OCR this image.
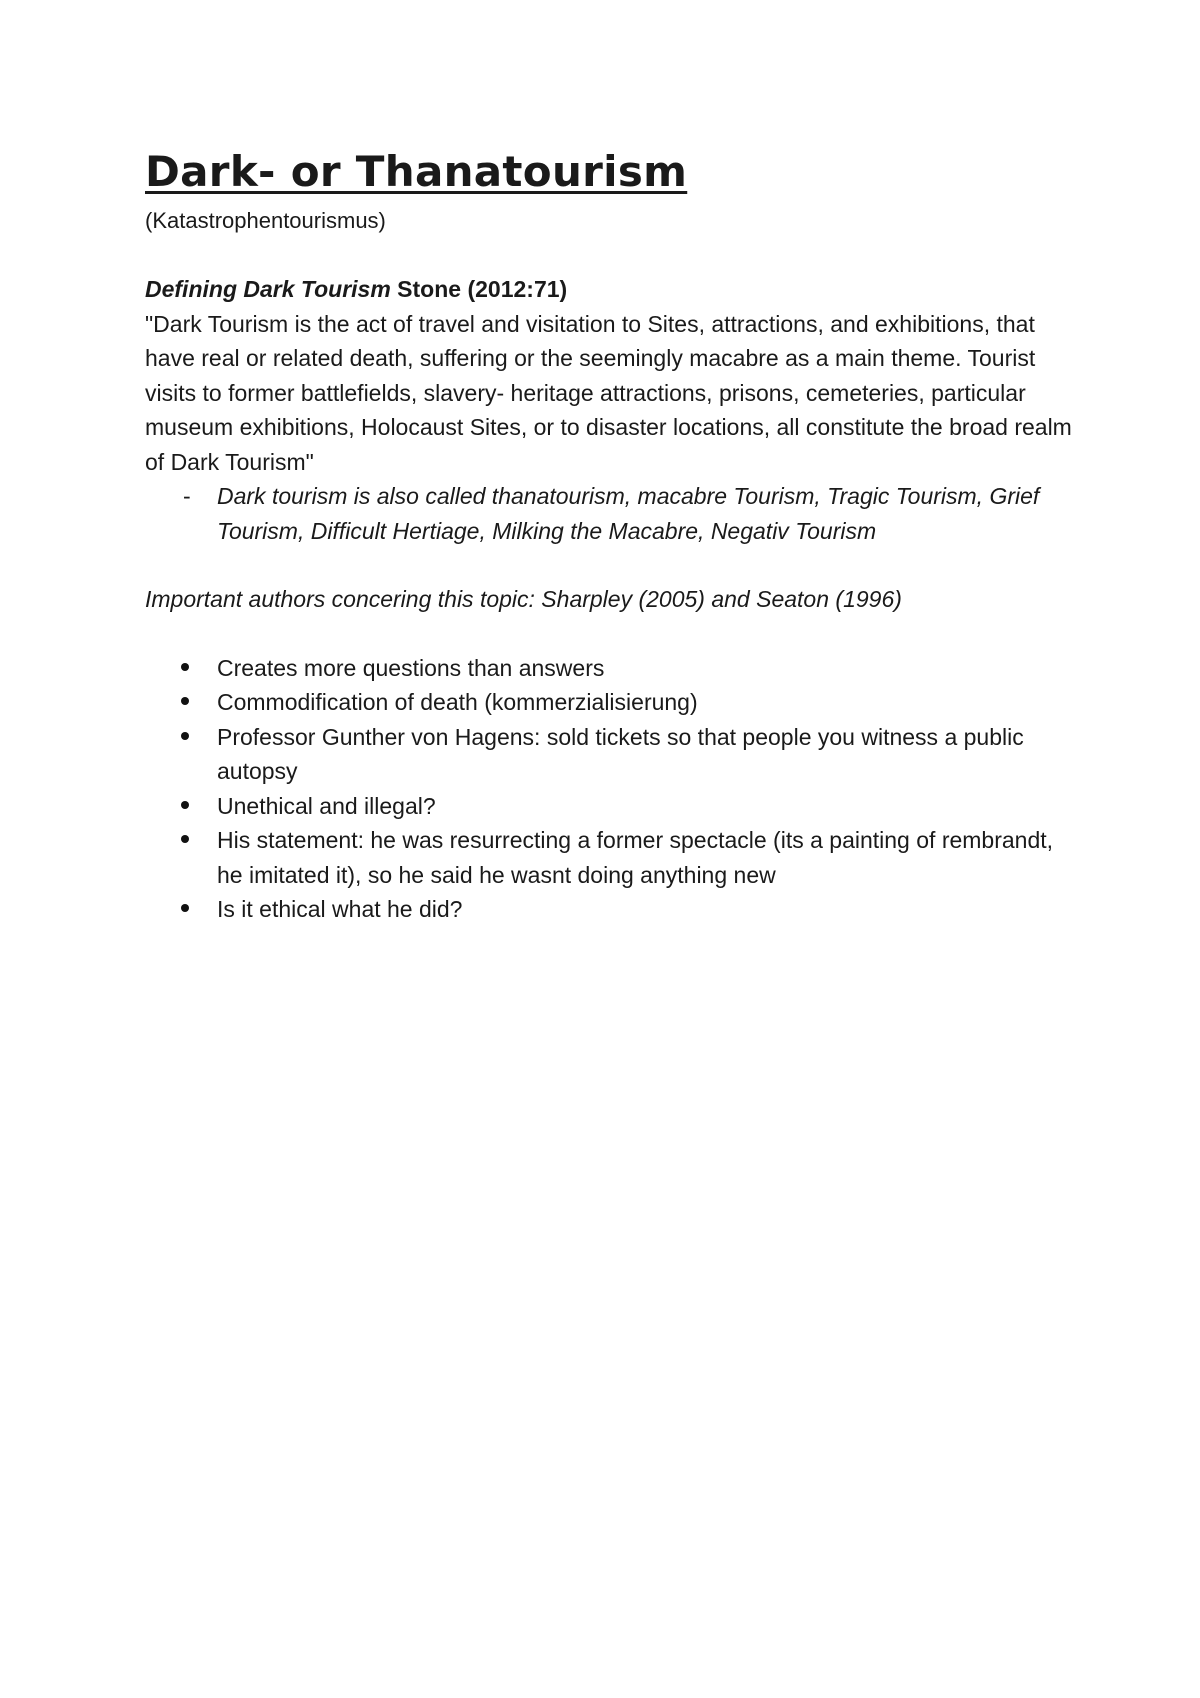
Dark- or Thanatourism
(Katastrophentourismus)

Defining Dark Tourism Stone (2012:71)

"Dark Tourism is the act of travel and visitation to Sites, attractions, and exhibitions, that have real or related death, suffering or the seemingly macabre as a main theme. Tourist visits to former battlefields, slavery- heritage attractions, prisons, cemeteries, particular museum exhibitions, Holocaust Sites, or to disaster locations, all constitute the broad realm of Dark Tourism"

- Dark tourism is also called thanatourism, macabre Tourism, Tragic Tourism, Grief Tourism, Difficult Hertiage, Milking the Macabre, Negativ Tourism

Important authors concering this topic: Sharpley (2005) and Seaton (1996)

Creates more questions than answers
Commodification of death (kommerzialisierung)
Professor Gunther von Hagens: sold tickets so that people you witness a public autopsy
Unethical and illegal?
His statement: he was resurrecting a former spectacle (its a painting of rembrandt, he imitated it), so he said he wasnt doing anything new
Is it ethical what he did?
